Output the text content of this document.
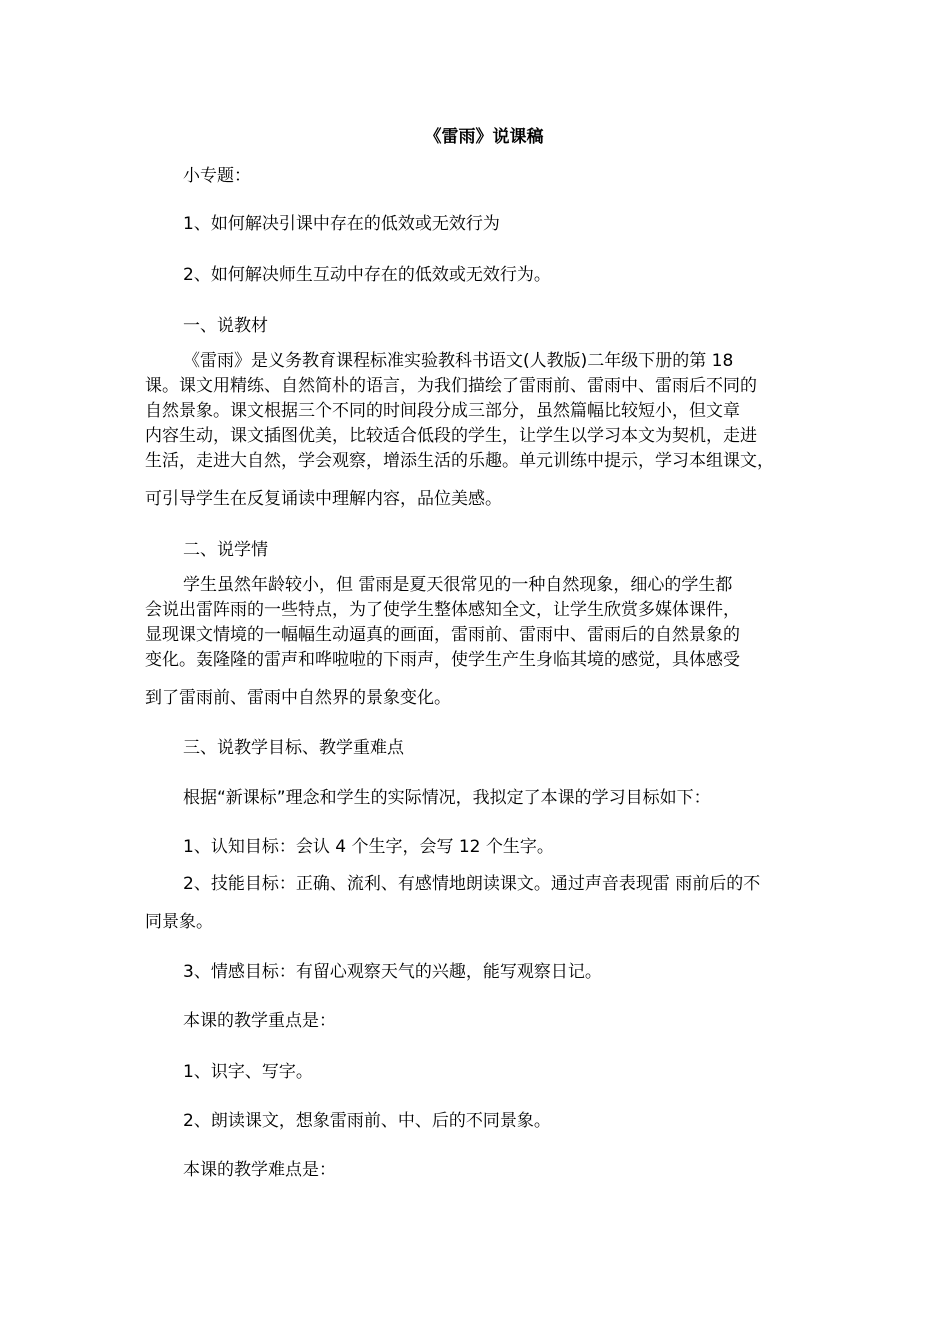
《雷雨》说课稿
小专题：
1、如何解决引课中存在的低效或无效行为
2、如何解决师生互动中存在的低效或无效行为。
一、说教材
《雷雨》是义务教育课程标准实验教科书语文(人教版)二年级下册的第 18
课。课文用精练、自然简朴的语言，为我们描绘了雷雨前、雷雨中、雷雨后不同的
自然景象。课文根据三个不同的时间段分成三部分，虽然篇幅比较短小，但文章
内容生动，课文插图优美，比较适合低段的学生，让学生以学习本文为契机，走进
生活，走进大自然，学会观察，增添生活的乐趣。单元训练中提示，学习本组课文，
可引导学生在反复诵读中理解内容，品位美感。
二、说学情
学生虽然年龄较小，但 雷雨是夏天很常见的一种自然现象，细心的学生都
会说出雷阵雨的一些特点，为了使学生整体感知全文，让学生欣赏多媒体课件，
显现课文情境的一幅幅生动逼真的画面，雷雨前、雷雨中、雷雨后的自然景象的
变化。轰隆隆的雷声和哗啦啦的下雨声，使学生产生身临其境的感觉，具体感受
到了雷雨前、雷雨中自然界的景象变化。
三、说教学目标、教学重难点
根据“新课标”理念和学生的实际情况，我拟定了本课的学习目标如下：
1、认知目标：会认 4 个生字，会写 12 个生字。
2、技能目标：正确、流利、有感情地朗读课文。通过声音表现雷 雨前后的不
同景象。
3、情感目标：有留心观察天气的兴趣，能写观察日记。
本课的教学重点是：
1、识字、写字。
2、朗读课文，想象雷雨前、中、后的不同景象。
本课的教学难点是：
